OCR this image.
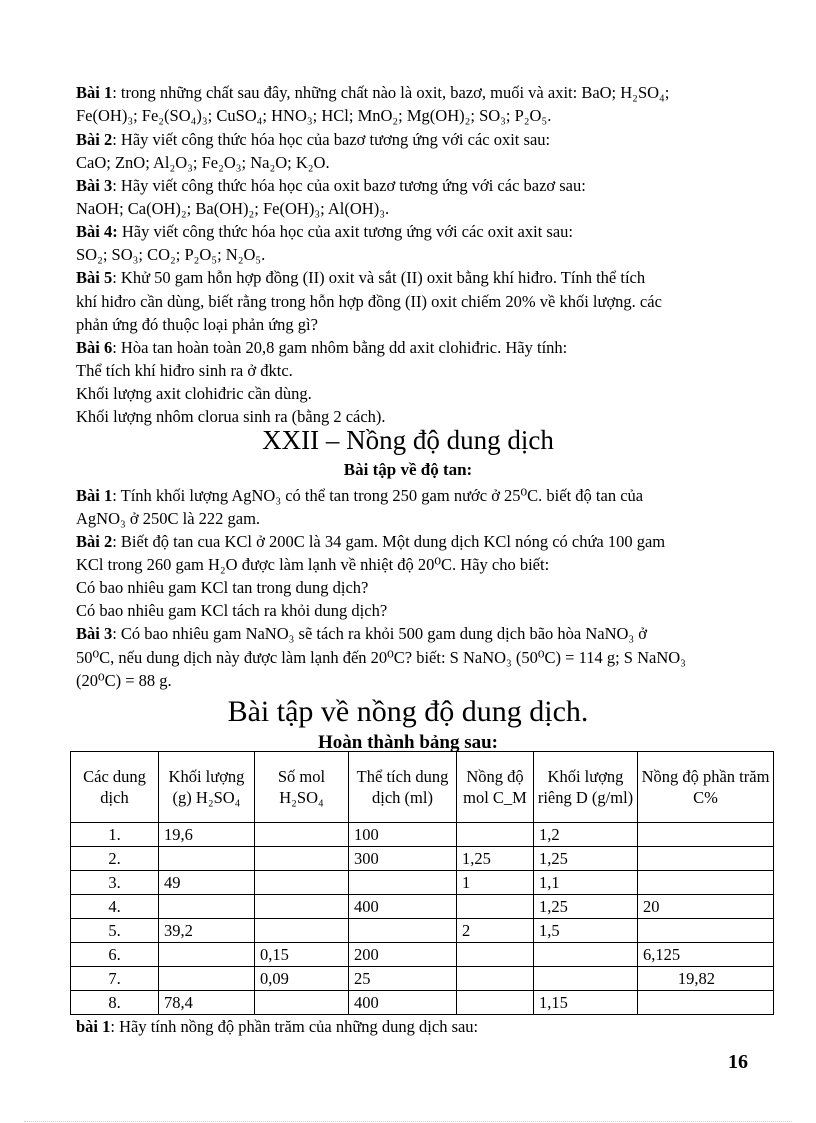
Bài 1: trong những chất sau đây, những chất nào là oxit, bazơ, muối và axit: BaO; H₂SO₄;
Fe(OH)₃; Fe₂(SO₄)₃; CuSO₄; HNO₃; HCl; MnO₂; Mg(OH)₂; SO₃; P₂O₅.
Bài 2: Hãy viết công thức hóa học của bazơ tương ứng với các oxit sau:
CaO; ZnO; Al₂O₃; Fe₂O₃; Na₂O; K₂O.
Bài 3: Hãy viết công thức hóa học của oxit bazơ tương ứng với các bazơ sau:
NaOH; Ca(OH)₂; Ba(OH)₂; Fe(OH)₃; Al(OH)₃.
Bài 4: Hãy viết công thức hóa học của axit tương ứng với các oxit axit sau:
SO₂; SO₃; CO₂; P₂O₅; N₂O₅.
Bài 5: Khử 50 gam hỗn hợp đồng (II) oxit và sắt (II) oxit bằng khí hiđro. Tính thể tích
khí hiđro cần dùng, biết rằng trong hỗn hợp đồng (II) oxit chiếm 20% về khối lượng. các
phản ứng đó thuộc loại phản ứng gì?
Bài 6: Hòa tan hoàn toàn 20,8 gam nhôm bằng dd axit clohiđric. Hãy tính:
Thể tích khí hiđro sinh ra ở đktc.
Khối lượng axit clohiđric cần dùng.
Khối lượng nhôm clorua sinh ra (bằng 2 cách).
XXII – Nồng độ dung dịch
Bài tập về độ tan:
Bài 1: Tính khối lượng AgNO₃ có thể tan trong 250 gam nước ở 25⁰C. biết độ tan của
AgNO₃ ở 250C là 222 gam.
Bài 2: Biết độ tan cua KCl ở 200C là 34 gam. Một dung dịch KCl nóng có chứa 100 gam
KCl trong 260 gam H₂O được làm lạnh về nhiệt độ 20⁰C. Hãy cho biết:
Có bao nhiêu gam KCl tan trong dung dịch?
Có bao nhiêu gam KCl tách ra khỏi dung dịch?
Bài 3: Có bao nhiêu gam NaNO₃ sẽ tách ra khỏi 500 gam dung dịch bão hòa NaNO₃ ở
50⁰C, nếu dung dịch này được làm lạnh đến 20⁰C? biết: S NaNO₃ (50⁰C) = 114 g; S NaNO₃
(20⁰C) = 88 g.
Bài tập về nồng độ dung dịch.
Hoàn thành bảng sau:
Các dung dịch	Khối lượng (g) H₂SO₄	Số mol H₂SO₄	Thể tích dung dịch (ml)	Nồng độ mol C_M	Khối lượng riêng D (g/ml)	Nồng độ phần trăm C%
1.	19,6		100		1,2	
2.			300	1,25	1,25	
3.	49			1	1,1	
4.			400		1,25	20
5.	39,2			2	1,5	
6.		0,15	200			6,125
7.		0,09	25			19,82
8.	78,4		400		1,15	
bài 1: Hãy tính nồng độ phần trăm của những dung dịch sau:
16
